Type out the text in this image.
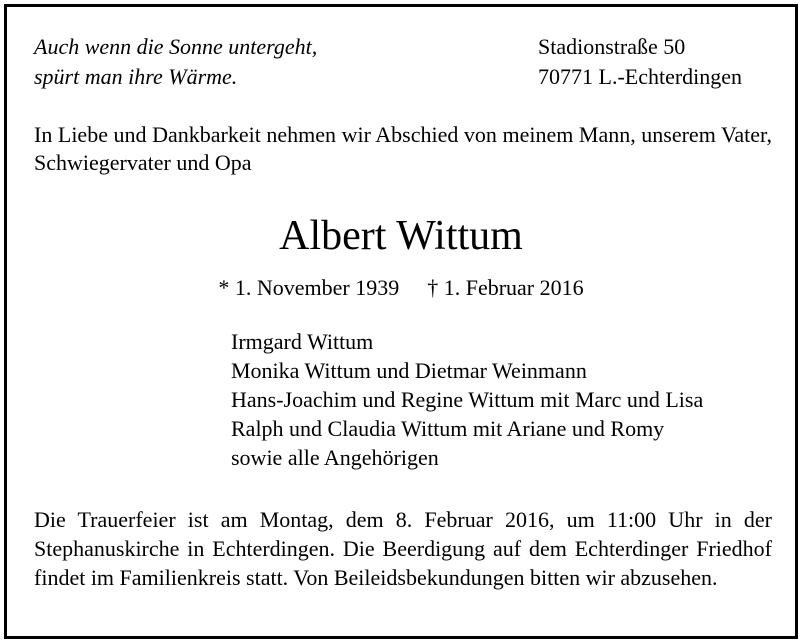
Auch wenn die Sonne untergeht,
spürt man ihre Wärme.
Stadionstraße 50
70771 L.-Echterdingen
In Liebe und Dankbarkeit nehmen wir Abschied von meinem Mann, unserem Vater, Schwiegervater und Opa
Albert Wittum
* 1. November 1939 † 1. Februar 2016
Irmgard Wittum
Monika Wittum und Dietmar Weinmann
Hans-Joachim und Regine Wittum mit Marc und Lisa
Ralph und Claudia Wittum mit Ariane und Romy
sowie alle Angehörigen
Die Trauerfeier ist am Montag, dem 8. Februar 2016, um 11:00 Uhr in der Stephanuskirche in Echterdingen. Die Beerdigung auf dem Echterdinger Friedhof findet im Familienkreis statt. Von Beileidsbekundungen bitten wir abzusehen.
